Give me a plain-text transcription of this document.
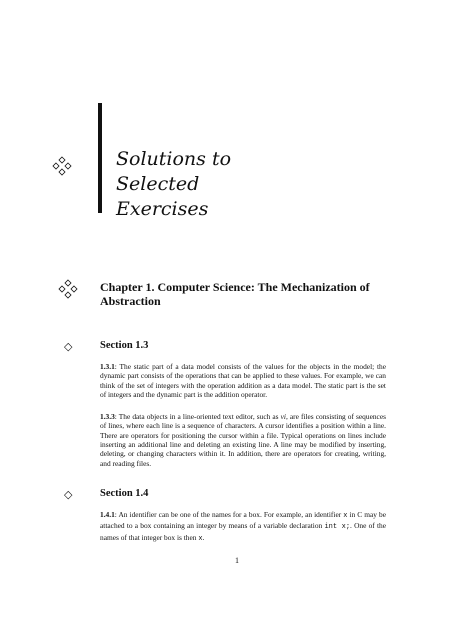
Solutions to
Selected
Exercises
Chapter 1. Computer Science: The Mechanization of Abstraction
◇	Section 1.3
1.3.1: The static part of a data model consists of the values for the objects in the model; the dynamic part consists of the operations that can be applied to these values. For example, we can think of the set of integers with the operation addition as a data model. The static part is the set of integers and the dynamic part is the addition operator.
1.3.3: The data objects in a line-oriented text editor, such as vi, are files consisting of sequences of lines, where each line is a sequence of characters. A cursor identifies a position within a line. There are operators for positioning the cursor within a file. Typical operations on lines include inserting an additional line and deleting an existing line. A line may be modified by inserting, deleting, or changing characters within it. In addition, there are operators for creating, writing, and reading files.
◇	Section 1.4
1.4.1: An identifier can be one of the names for a box. For example, an identifier x in C may be attached to a box containing an integer by means of a variable declaration int x;. One of the names of that integer box is then x.
1
